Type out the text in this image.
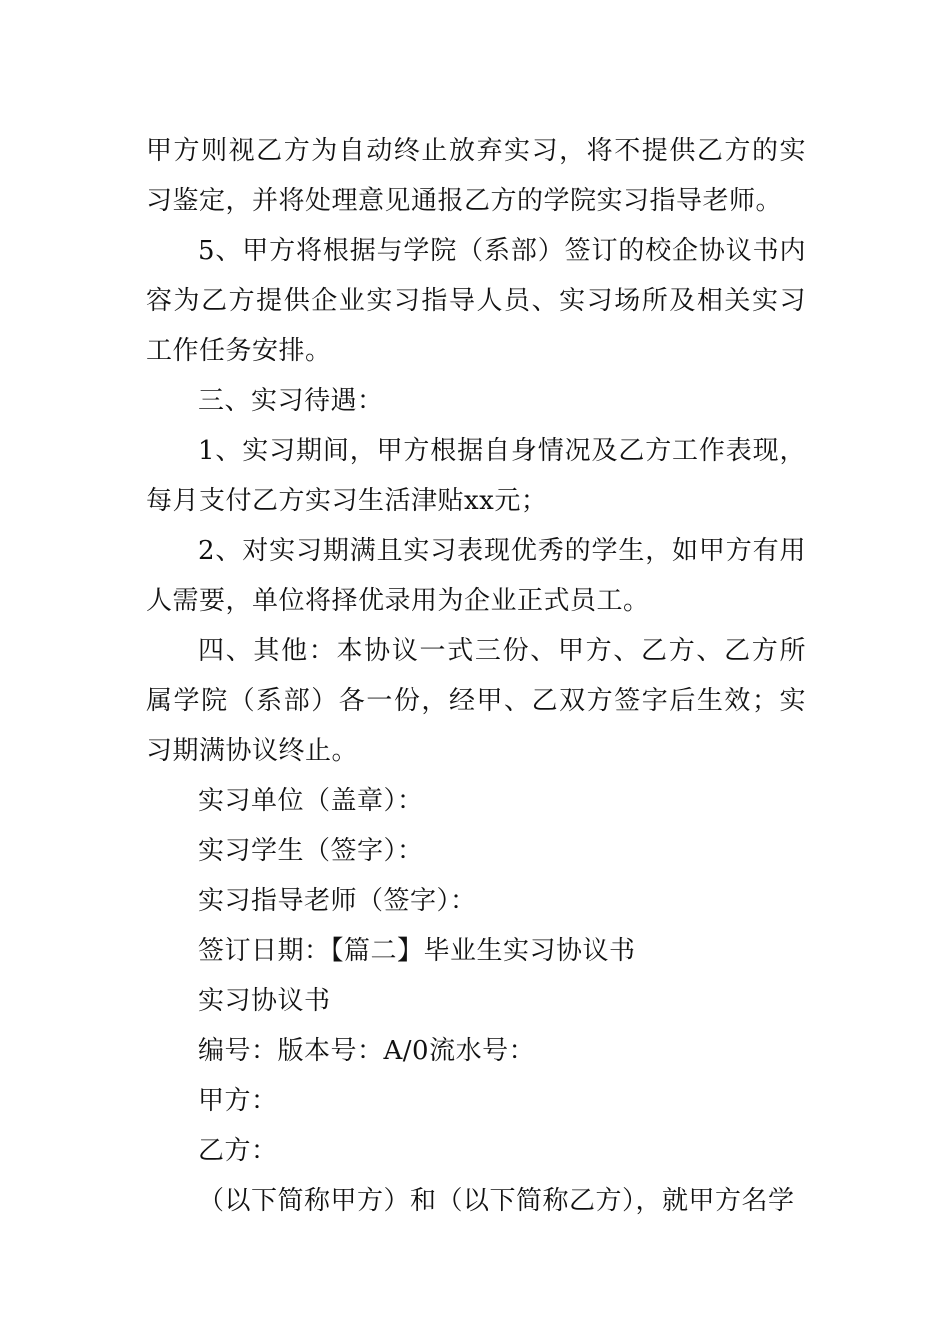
甲方则视乙方为自动终止放弃实习，将不提供乙方的实习鉴定，并将处理意见通报乙方的学院实习指导老师。

5、甲方将根据与学院（系部）签订的校企协议书内容为乙方提供企业实习指导人员、实习场所及相关实习工作任务安排。

三、实习待遇：

1、实习期间，甲方根据自身情况及乙方工作表现，每月支付乙方实习生活津贴xx元；

2、对实习期满且实习表现优秀的学生，如甲方有用人需要，单位将择优录用为企业正式员工。

四、其他：本协议一式三份、甲方、乙方、乙方所属学院（系部）各一份，经甲、乙双方签字后生效；实习期满协议终止。

实习单位（盖章）：

实习学生（签字）：

实习指导老师（签字）：

签订日期：【篇二】毕业生实习协议书

实习协议书

编号：版本号：A/0流水号：

甲方：

乙方：

（以下简称甲方）和（以下简称乙方），就甲方名学
